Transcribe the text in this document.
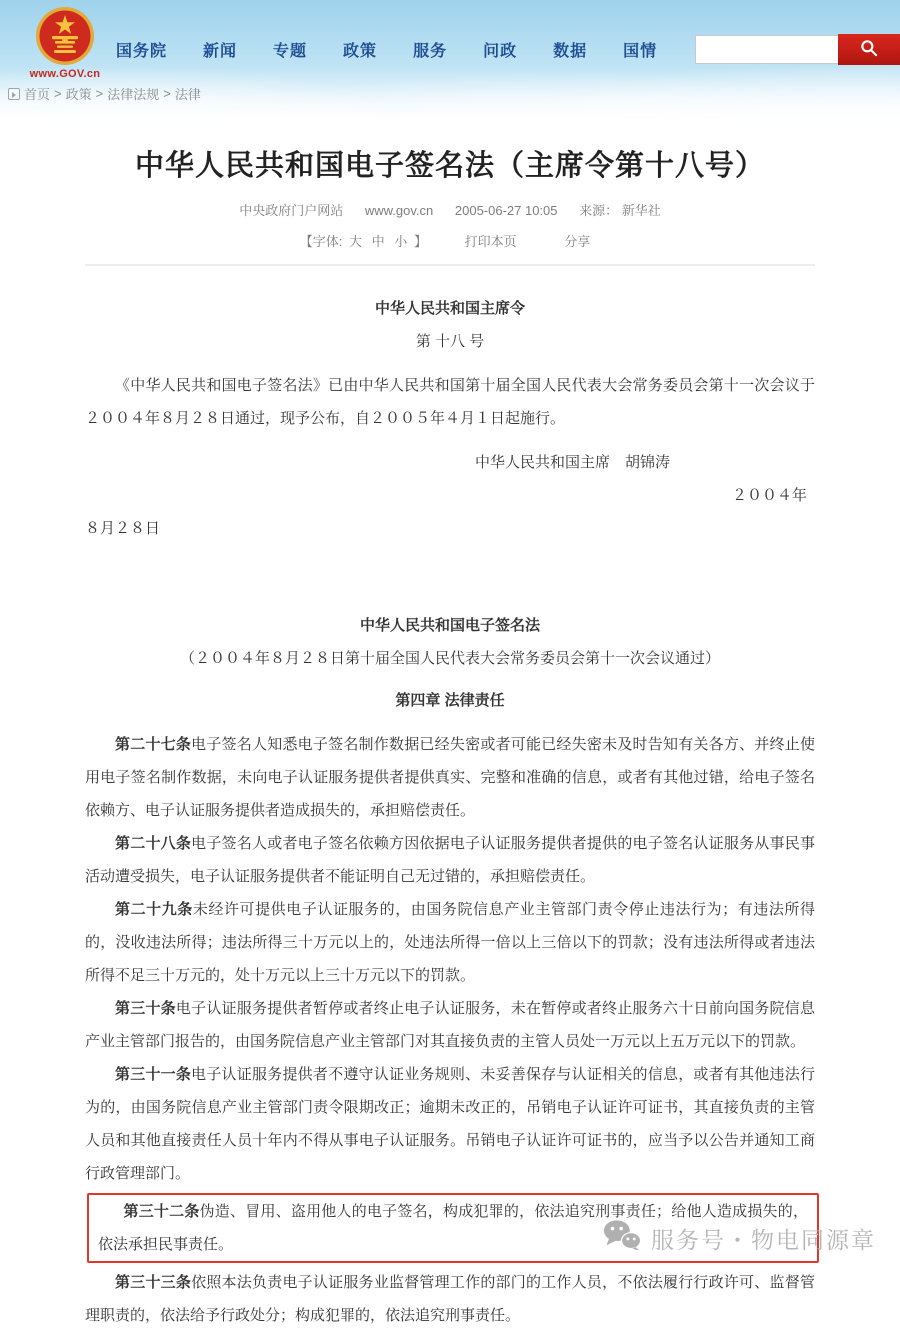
www.GOV.cn
国务院	新闻	专题	政策	服务	问政	数据	国情
首页 > 政策 > 法律法规 > 法律
中华人民共和国电子签名法（主席令第十八号）
中央政府门户网站 www.gov.cn 2005-06-27 10:05 来源： 新华社
【字体: 大 中 小 】	打印本页	分享

中华人民共和国主席令

第 十八 号

《中华人民共和国电子签名法》已由中华人民共和国第十届全国人民代表大会常务委员会第十一次会议于２００４年８月２８日通过，现予公布，自２００５年４月１日起施行。

中华人民共和国主席　胡锦涛

２００４年

８月２８日

中华人民共和国电子签名法

（２００４年８月２８日第十届全国人民代表大会常务委员会第十一次会议通过）

第四章 法律责任

第二十七条电子签名人知悉电子签名制作数据已经失密或者可能已经失密未及时告知有关各方、并终止使用电子签名制作数据，未向电子认证服务提供者提供真实、完整和准确的信息，或者有其他过错，给电子签名依赖方、电子认证服务提供者造成损失的，承担赔偿责任。

第二十八条电子签名人或者电子签名依赖方因依据电子认证服务提供者提供的电子签名认证服务从事民事活动遭受损失，电子认证服务提供者不能证明自己无过错的，承担赔偿责任。

第二十九条未经许可提供电子认证服务的，由国务院信息产业主管部门责令停止违法行为；有违法所得的，没收违法所得；违法所得三十万元以上的，处违法所得一倍以上三倍以下的罚款；没有违法所得或者违法所得不足三十万元的，处十万元以上三十万元以下的罚款。

第三十条电子认证服务提供者暂停或者终止电子认证服务，未在暂停或者终止服务六十日前向国务院信息产业主管部门报告的，由国务院信息产业主管部门对其直接负责的主管人员处一万元以上五万元以下的罚款。

第三十一条电子认证服务提供者不遵守认证业务规则、未妥善保存与认证相关的信息，或者有其他违法行为的，由国务院信息产业主管部门责令限期改正；逾期未改正的，吊销电子认证许可证书，其直接负责的主管人员和其他直接责任人员十年内不得从事电子认证服务。吊销电子认证许可证书的，应当予以公告并通知工商行政管理部门。

第三十二条伪造、冒用、盗用他人的电子签名，构成犯罪的，依法追究刑事责任；给他人造成损失的，依法承担民事责任。

第三十三条依照本法负责电子认证服务业监督管理工作的部门的工作人员，不依法履行行政许可、监督管理职责的，依法给予行政处分；构成犯罪的，依法追究刑事责任。

服务号・物电同源章
